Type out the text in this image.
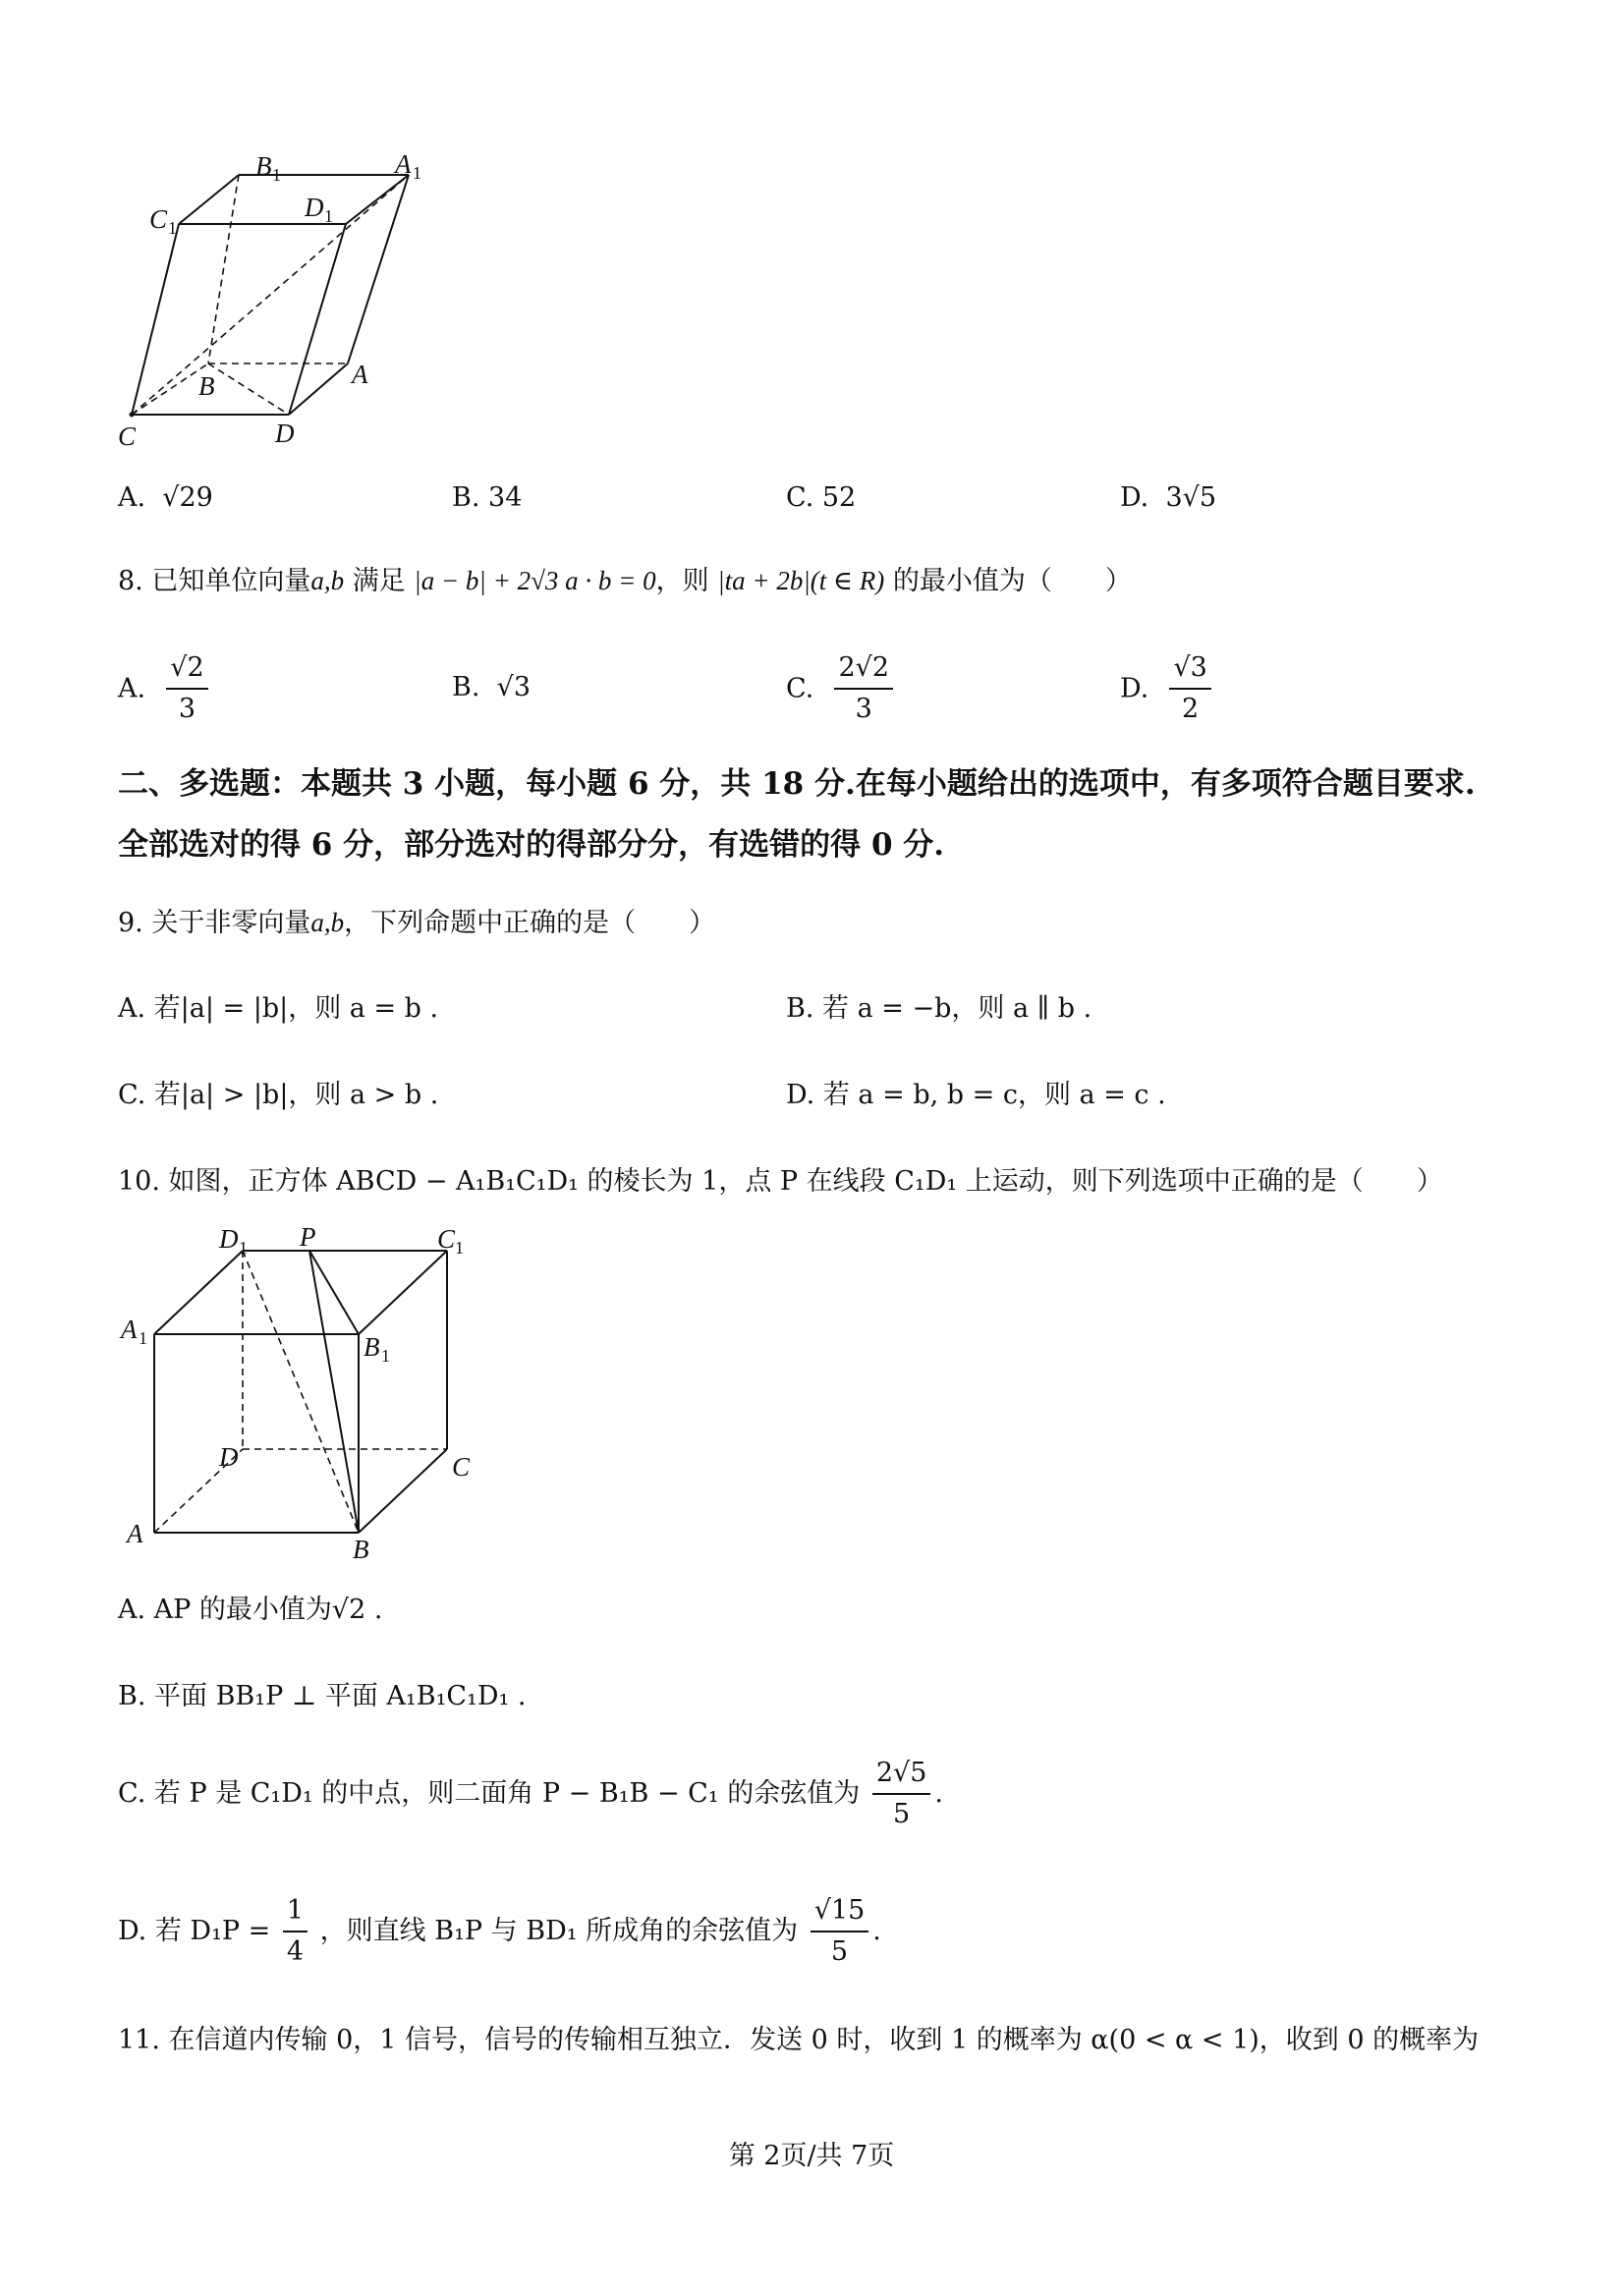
B 1	A 1
C 1
D 1
B	A
C	D
A. √29	B. 34	C. 52	D. 3√5
8. 已知单位向量a,b 满足 |a − b| + 2√3 a · b = 0，则 |ta + 2b|(t ∈ R) 的最小值为（　　）
A. $\frac{√2}{3}$	B. √3	C. $\frac{2√2}{3}$	D. $\frac{√3}{2}$
二、多选题：本题共 3 小题，每小题 6 分，共 18 分.在每小题给出的选项中，有多项符合题目要求.
全部选对的得 6 分，部分选对的得部分分，有选错的得 0 分.
9. 关于非零向量a,b，下列命题中正确的是（　　）
A. 若|a| = |b|，则 a = b .	B. 若 a = −b，则 a ∥ b .
C. 若|a| > |b|，则 a > b .	D. 若 a = b, b = c，则 a = c .
10. 如图，正方体 ABCD − A₁B₁C₁D₁ 的棱长为 1，点 P 在线段 C₁D₁ 上运动，则下列选项中正确的是（　　）
D 1 P	C 1
A 1	B 1
D	C
A
B
A. AP 的最小值为√2 .
B. 平面 BB₁P ⊥ 平面 A₁B₁C₁D₁ .
C. 若 P 是 C₁D₁ 的中点，则二面角 P − B₁B − C₁ 的余弦值为 $\frac{2√5}{5}$ .
D. 若 $D_1P = \frac{1}{4}$ ，则直线 B₁P 与 BD₁ 所成角的余弦值为 $\frac{√15}{5}$ .
11. 在信道内传输 0，1 信号，信号的传输相互独立．发送 0 时，收到 1 的概率为 α(0 < α < 1)，收到 0 的概率为
第 2页/共 7页
